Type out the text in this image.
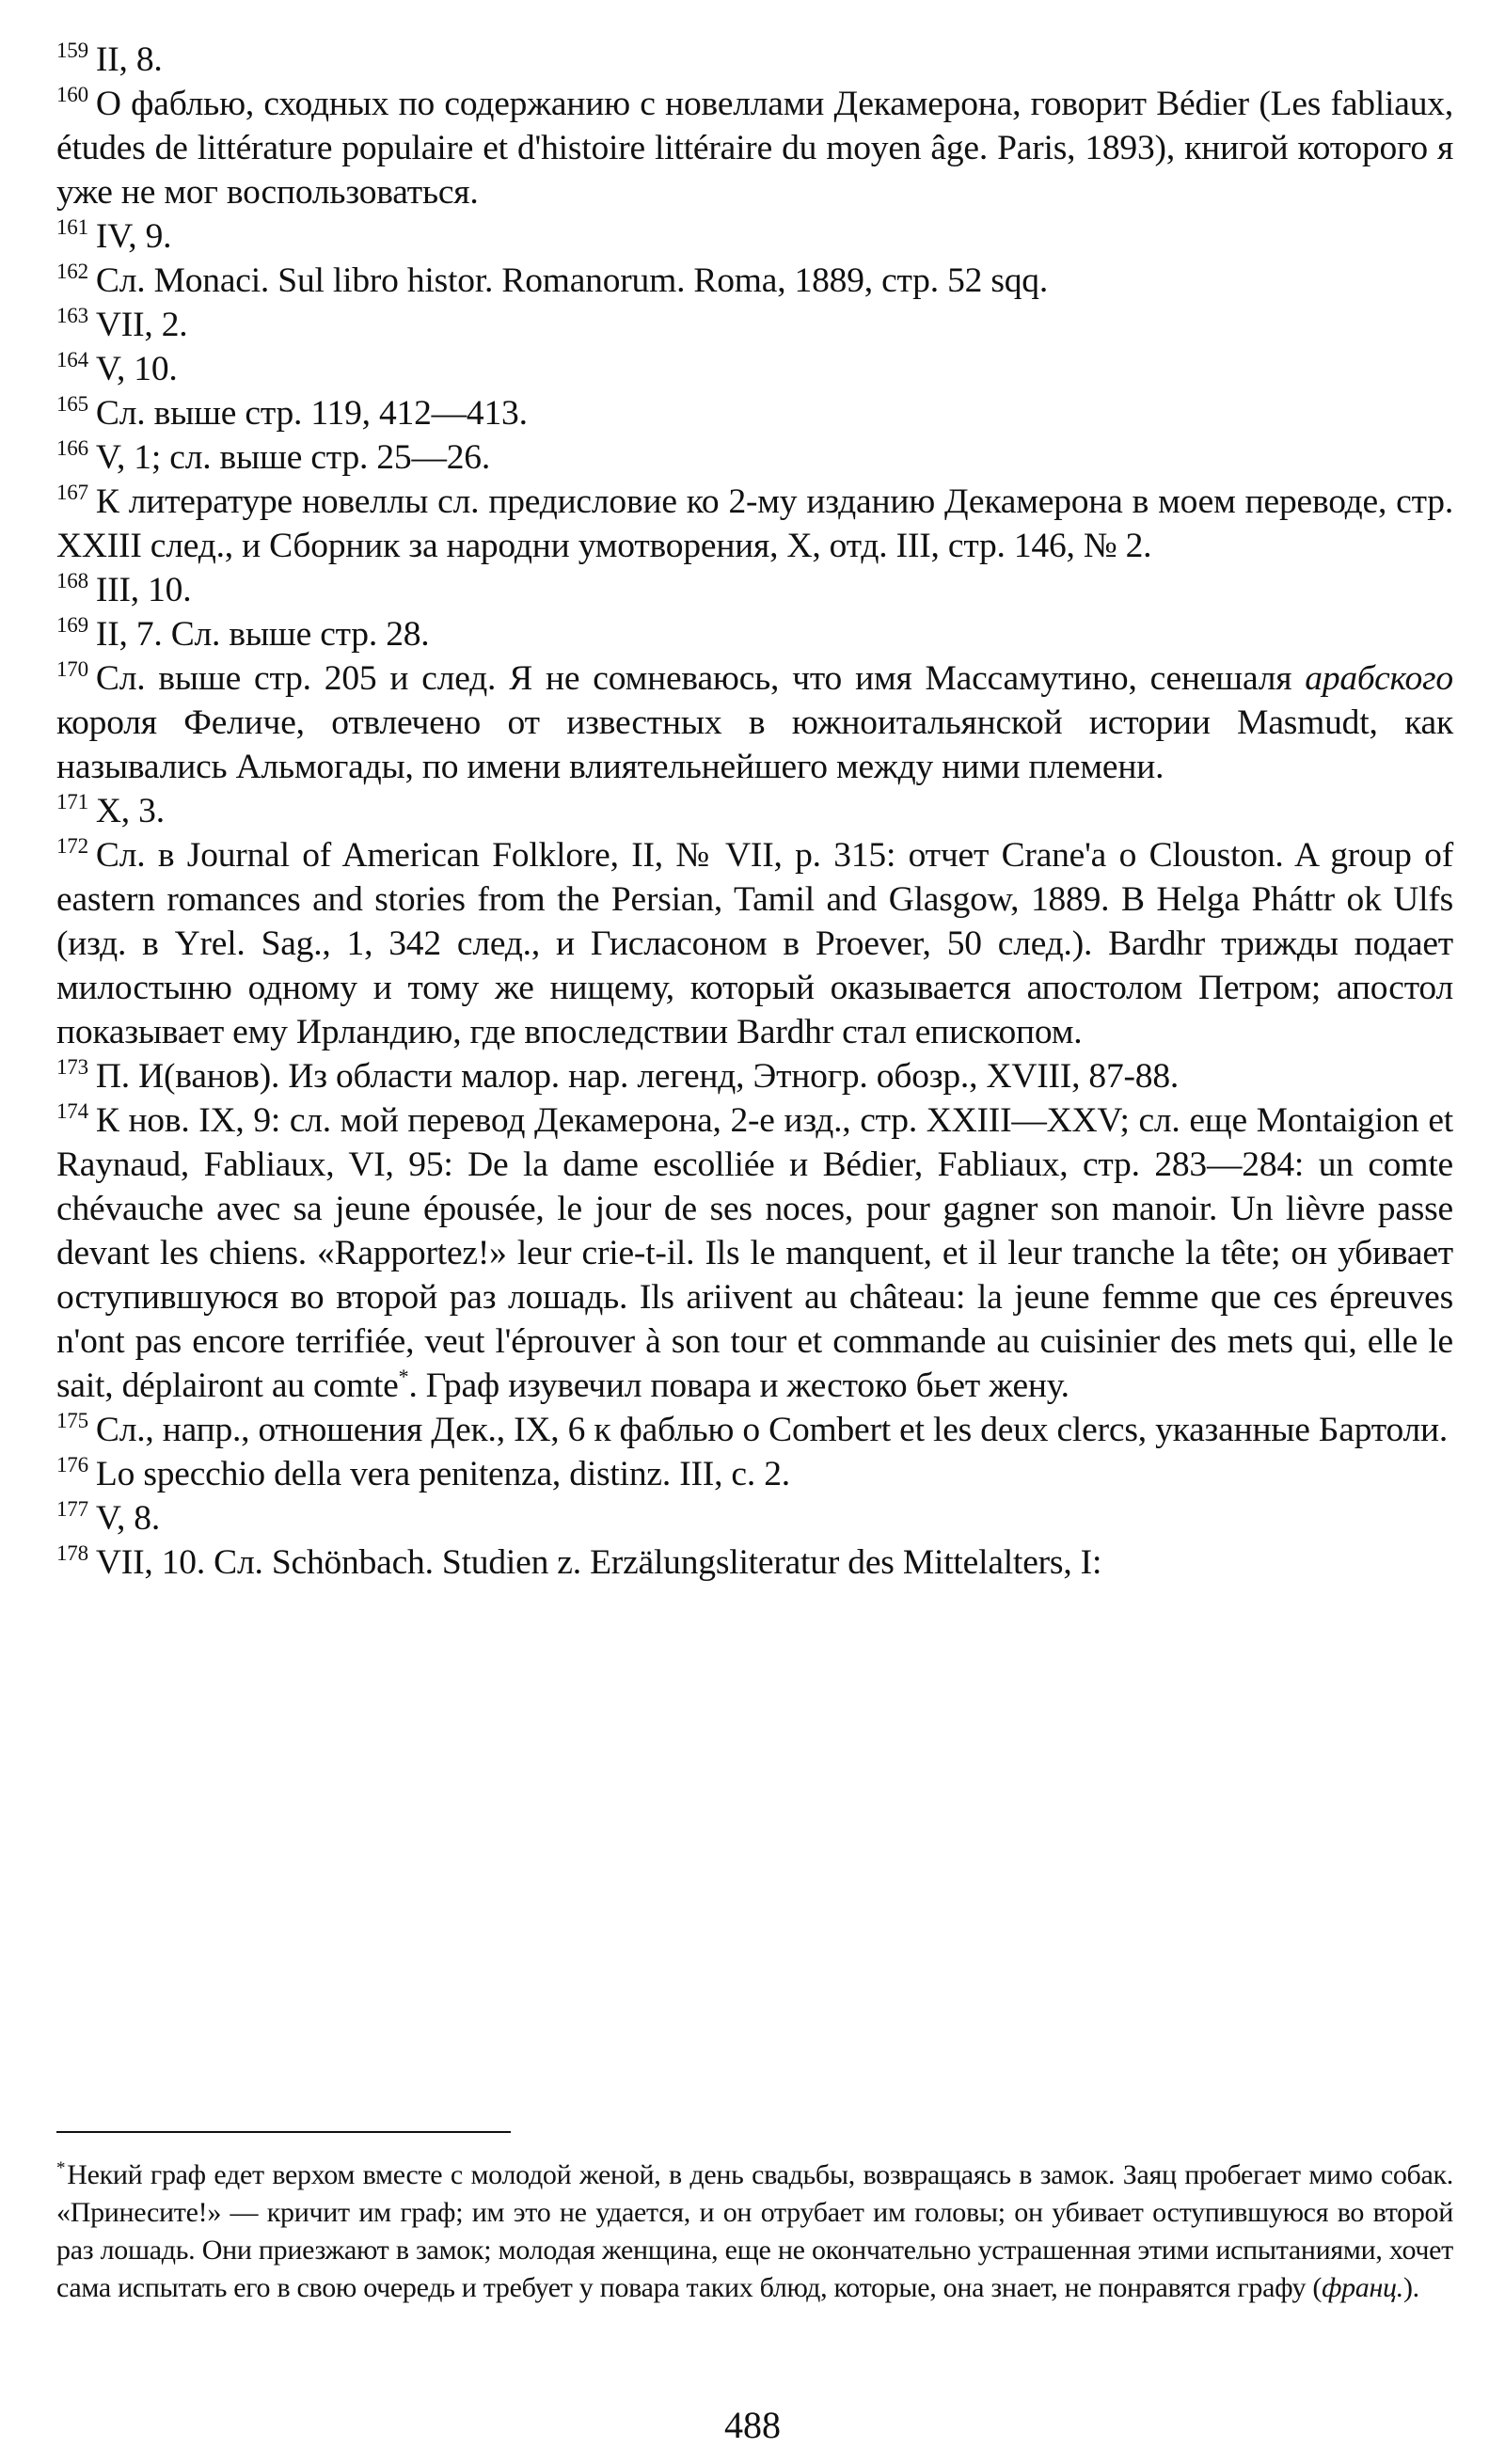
$^{159}$ II, 8.

$^{160}$ О фаблью, сходных по содержанию с новеллами Декамерона, говорит Bédier (Les fabliaux, études de littérature populaire et d'histoire littéraire du moyen âge. Paris, 1893), книгой которого я уже не мог воспользоваться.

$^{161}$ IV, 9.

$^{162}$ Сл. Monaci. Sul libro histor. Romanorum. Roma, 1889, стр. 52 sqq.

$^{163}$ VII, 2.

$^{164}$ V, 10.

$^{165}$ Сл. выше стр. 119, 412—413.

$^{166}$ V, 1; сл. выше стр. 25—26.

$^{167}$ К литературе новеллы сл. предисловие ко 2-му изданию Декамерона в моем переводе, стр. XXIII след., и Сборник за народни умотворения, X, отд. III, стр. 146, № 2.

$^{168}$ III, 10.

$^{169}$ II, 7. Сл. выше стр. 28.

$^{170}$ Сл. выше стр. 205 и след. Я не сомневаюсь, что имя Массамутино, сенешаля арабского короля Феличе, отвлечено от известных в южноитальянской истории Masmudt, как назывались Альмогады, по имени влиятельнейшего между ними племени.

$^{171}$ X, 3.

$^{172}$ Сл. в Journal of American Folklore, II, № VII, p. 315: отчет Crane'a о Clouston. A group of eastern romances and stories from the Persian, Tamil and Glasgow, 1889. В Helga Pháttr ok Ulfs (изд. в Yrel. Sag., 1, 342 след., и Гисласоном в Proever, 50 след.). Bardhr трижды подает милостыню одному и тому же нищему, который оказывается апостолом Петром; апостол показывает ему Ирландию, где впоследствии Bardhr стал епископом.

$^{173}$ П. И(ванов). Из области малор. нар. легенд, Этногр. обозр., XVIII, 87-88.

$^{174}$ К нов. IX, 9: сл. мой перевод Декамерона, 2-е изд., стр. XXIII—XXV; сл. еще Montaigion et Raynaud, Fabliaux, VI, 95: De la dame escolliée и Bédier, Fabliaux, стр. 283—284: un comte chévauche avec sa jeune épousée, le jour de ses noces, pour gagner son manoir. Un lièvre passe devant les chiens. «Rapportez!» leur crie-t-il. Ils le manquent, et il leur tranche la tête; он убивает оступившуюся во второй раз лошадь. Ils ariivent au château: la jeune femme que ces épreuves n'ont pas encore terrifiée, veut l'éprouver à son tour et commande au cuisinier des mets qui, elle le sait, déplairont au comte*. Граф изувечил повара и жестоко бьет жену.

$^{175}$ Сл., напр., отношения Дек., IX, 6 к фаблью о Combert et les deux clercs, указанные Бартоли.

$^{176}$ Lo specchio della vera penitenza, distinz. III, c. 2.

$^{177}$ V, 8.

$^{178}$ VII, 10. Сл. Schönbach. Studien z. Erzälungsliteratur des Mittelalters, I:

*Некий граф едет верхом вместе с молодой женой, в день свадьбы, возвращаясь в замок. Заяц пробегает мимо собак. «Принесите!» — кричит им граф; им это не удается, и он отрубает им головы; он убивает оступившуюся во второй раз лошадь. Они приезжают в замок; молодая женщина, еще не окончательно устрашенная этими испытаниями, хочет сама испытать его в свою очередь и требует у повара таких блюд, которые, она знает, не понравятся графу (франц.).
488
